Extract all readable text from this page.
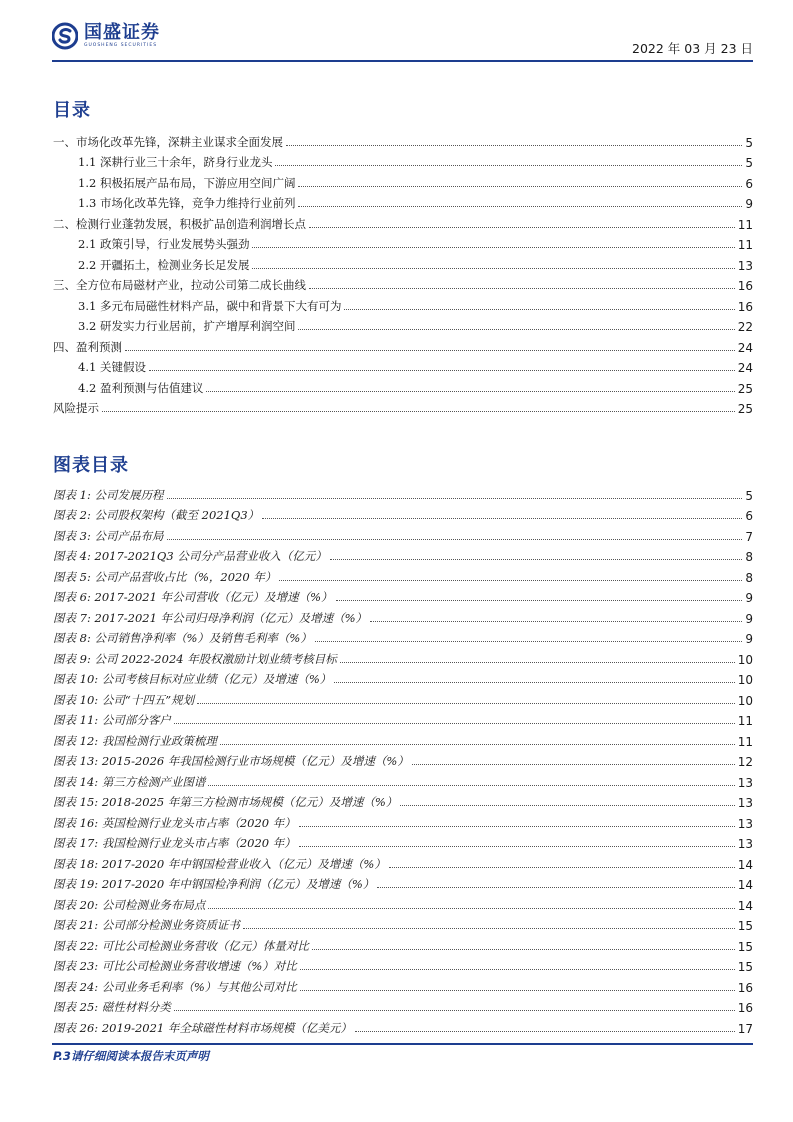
国盛证券
GUOSHENG SECURITIES	2022 年 03 月 23 日
目录
一、市场化改革先锋，深耕主业谋求全面发展	5
1.1 深耕行业三十余年，跻身行业龙头	5
1.2 积极拓展产品布局，下游应用空间广阔	6
1.3 市场化改革先锋，竞争力维持行业前列	9
二、检测行业蓬勃发展，积极扩品创造利润增长点	11
2.1 政策引导，行业发展势头强劲	11
2.2 开疆拓土，检测业务长足发展	13
三、全方位布局磁材产业，拉动公司第二成长曲线	16
3.1 多元布局磁性材料产品，碳中和背景下大有可为	16
3.2 研发实力行业居前，扩产增厚利润空间	22
四、盈利预测	24
4.1 关键假设	24
4.2 盈利预测与估值建议	25
风险提示	25
图表目录
图表 1: 公司发展历程	5
图表 2: 公司股权架构（截至 2021Q3）	6
图表 3: 公司产品布局	7
图表 4: 2017-2021Q3 公司分产品营业收入（亿元）	8
图表 5: 公司产品营收占比（%，2020 年）	8
图表 6: 2017-2021 年公司营收（亿元）及增速（%）	9
图表 7: 2017-2021 年公司归母净利润（亿元）及增速（%）	9
图表 8: 公司销售净利率（%）及销售毛利率（%）	9
图表 9: 公司 2022-2024 年股权激励计划业绩考核目标	10
图表 10: 公司考核目标对应业绩（亿元）及增速（%）	10
图表 10: 公司“十四五”规划	10
图表 11: 公司部分客户	11
图表 12: 我国检测行业政策梳理	11
图表 13: 2015-2026 年我国检测行业市场规模（亿元）及增速（%）	12
图表 14: 第三方检测产业图谱	13
图表 15: 2018-2025 年第三方检测市场规模（亿元）及增速（%）	13
图表 16: 英国检测行业龙头市占率（2020 年）	13
图表 17: 我国检测行业龙头市占率（2020 年）	13
图表 18: 2017-2020 年中钢国检营业收入（亿元）及增速（%）	14
图表 19: 2017-2020 年中钢国检净利润（亿元）及增速（%）	14
图表 20: 公司检测业务布局点	14
图表 21: 公司部分检测业务资质证书	15
图表 22: 可比公司检测业务营收（亿元）体量对比	15
图表 23: 可比公司检测业务营收增速（%）对比	15
图表 24: 公司业务毛利率（%）与其他公司对比	16
图表 25: 磁性材料分类	16
图表 26: 2019-2021 年全球磁性材料市场规模（亿美元）	17
P.3请仔细阅读本报告末页声明
